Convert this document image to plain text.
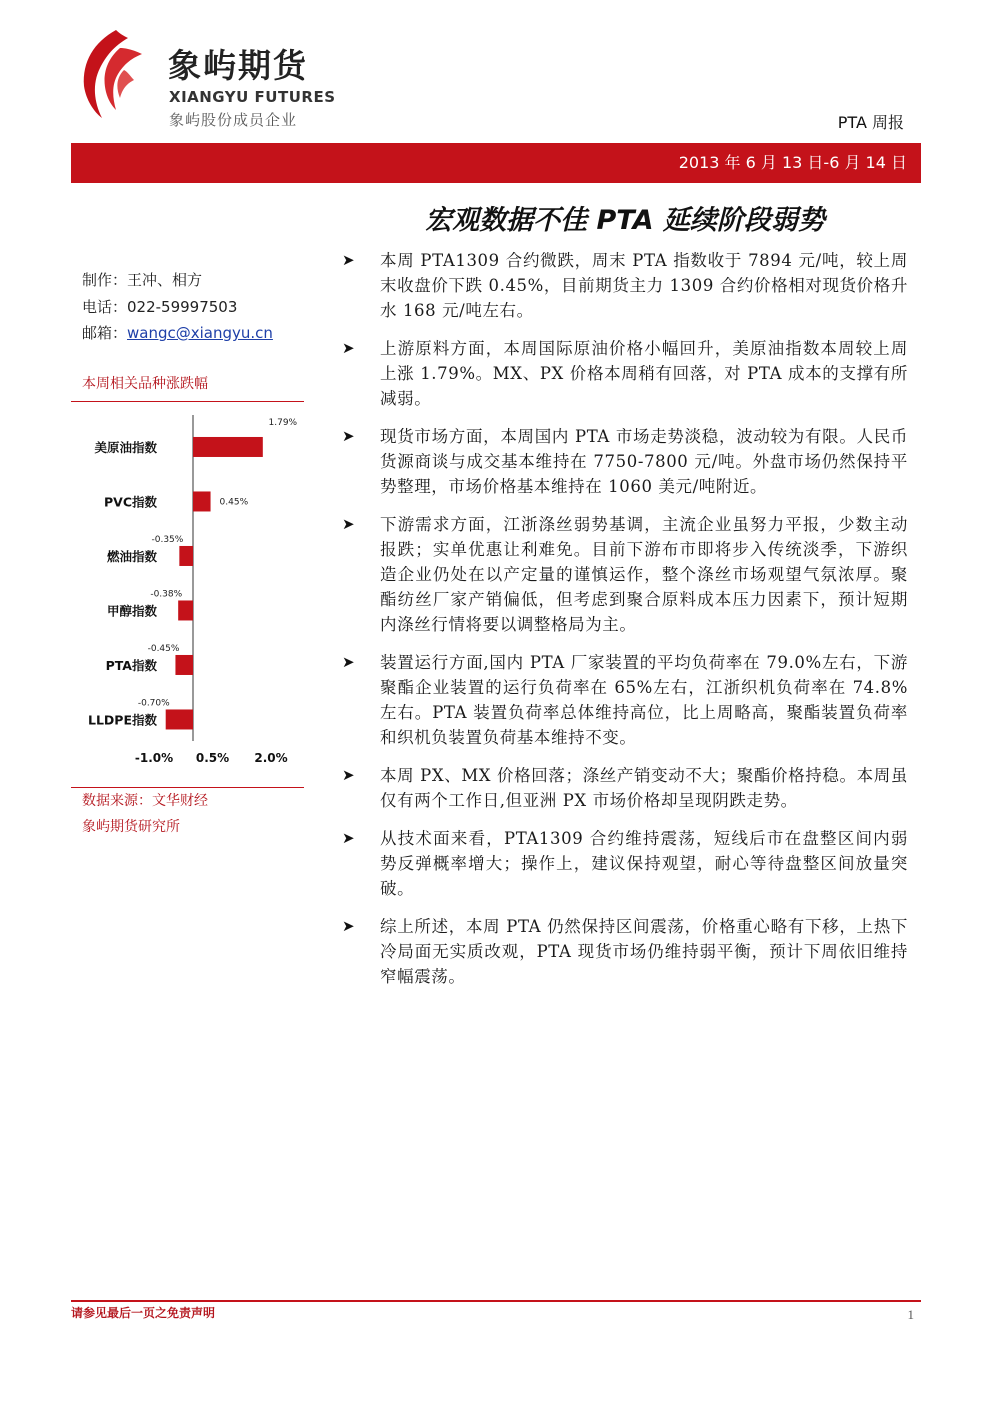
象屿期货
XIANGYU FUTURES
象屿股份成员企业	PTA 周报
2013 年 6 月 13 日-6 月 14 日
宏观数据不佳 PTA 延续阶段弱势
制作：王冲、相方
电话：022-59997503
邮箱：wangc@xiangyu.cn
本周相关品种涨跌幅
美原油指数
1.79%
PVC指数	0.45%
燃油指数
-0.35%
甲醇指数
-0.38%
PTA指数
-0.45%
LLDPE指数
-0.70%
-1.0% 0.5% 2.0%
数据来源：文华财经
象屿期货研究所
➤ 本周 PTA1309 合约微跌，周末 PTA 指数收于 7894 元/吨，较上周末收盘价下跌 0.45%，目前期货主力 1309 合约价格相对现货价格升水 168 元/吨左右。
➤ 上游原料方面，本周国际原油价格小幅回升，美原油指数本周较上周上涨 1.79%。MX、PX 价格本周稍有回落，对 PTA 成本的支撑有所减弱。
➤ 现货市场方面，本周国内 PTA 市场走势淡稳，波动较为有限。人民币货源商谈与成交基本维持在 7750-7800 元/吨。外盘市场仍然保持平势整理，市场价格基本维持在 1060 美元/吨附近。
➤ 下游需求方面，江浙涤丝弱势基调，主流企业虽努力平报，少数主动报跌；实单优惠让利难免。目前下游布市即将步入传统淡季，下游织造企业仍处在以产定量的谨慎运作，整个涤丝市场观望气氛浓厚。聚酯纺丝厂家产销偏低，但考虑到聚合原料成本压力因素下，预计短期内涤丝行情将要以调整格局为主。
➤ 装置运行方面,国内 PTA 厂家装置的平均负荷率在 79.0%左右，下游聚酯企业装置的运行负荷率在 65%左右，江浙织机负荷率在 74.8%左右。PTA 装置负荷率总体维持高位，比上周略高，聚酯装置负荷率和织机负装置负荷基本维持不变。
➤ 本周 PX、MX 价格回落；涤丝产销变动不大；聚酯价格持稳。本周虽仅有两个工作日,但亚洲 PX 市场价格却呈现阴跌走势。
➤ 从技术面来看，PTA1309 合约维持震荡，短线后市在盘整区间内弱势反弹概率增大；操作上，建议保持观望，耐心等待盘整区间放量突破。
➤ 综上所述，本周 PTA 仍然保持区间震荡，价格重心略有下移，上热下冷局面无实质改观，PTA 现货市场仍维持弱平衡，预计下周依旧维持窄幅震荡。
请参见最后一页之免责声明	1
